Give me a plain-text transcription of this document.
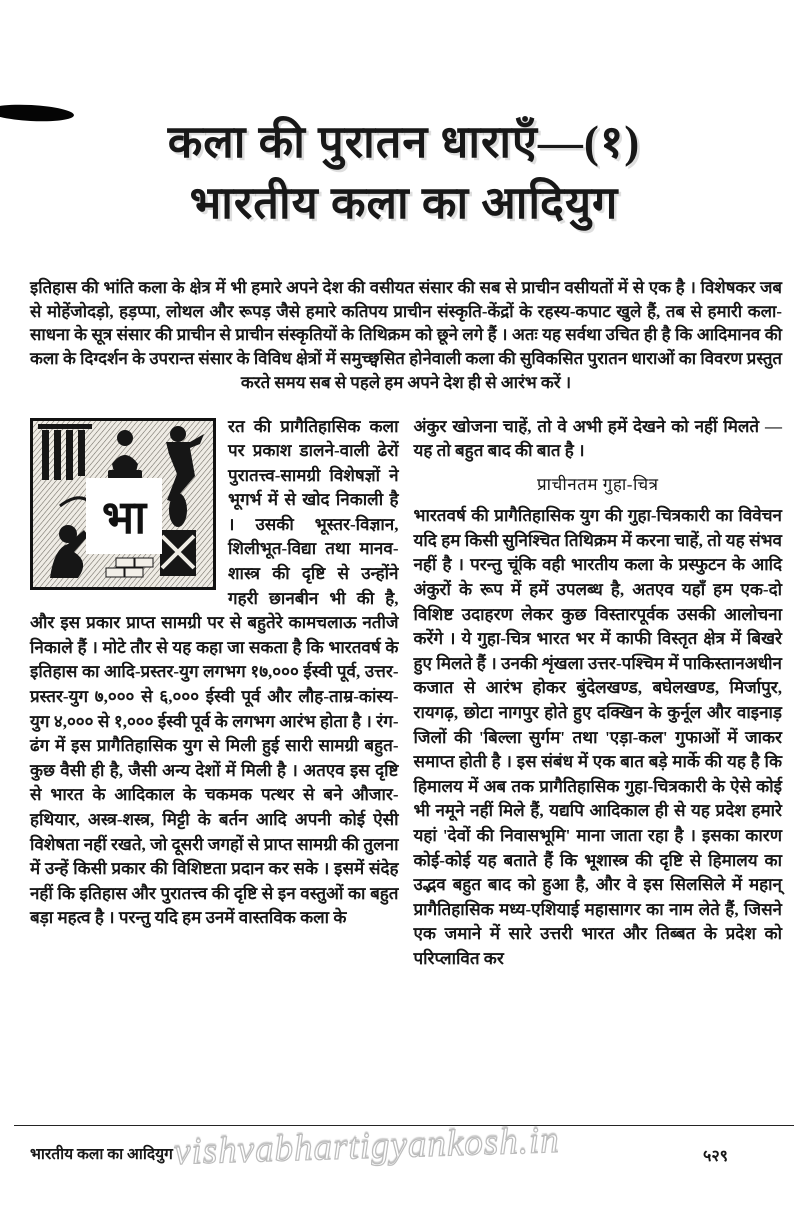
कला की पुरातन धाराएँ—(१)
भारतीय कला का आदियुग

इतिहास की भांति कला के क्षेत्र में भी हमारे अपने देश की वसीयत संसार की सब से प्राचीन वसीयतों में से एक है । विशेषकर जब से मोहेंजोदड़ो, हड़प्पा, लोथल और रूपड़ जैसे हमारे कतिपय प्राचीन संस्कृति-केंद्रों के रहस्य-कपाट खुले हैं, तब से हमारी कला-साधना के सूत्र संसार की प्राचीन से प्राचीन संस्कृतियों के तिथिक्रम को छूने लगे हैं । अतः यह सर्वथा उचित ही है कि आदिमानव की कला के दिग्दर्शन के उपरान्त संसार के विविध क्षेत्रों में समुच्छ्वसित होनेवाली कला की सुविकसित पुरातन धाराओं का विवरण प्रस्तुत करते समय सब से पहले हम अपने देश ही से आरंभ करें ।

भा
रत की प्रागैतिहासिक कला पर प्रकाश डालने-वाली ढेरों पुरातत्त्व-सामग्री विशेषज्ञों ने भूगर्भ में से खोद निकाली है । उसकी भूस्तर-विज्ञान, शिलीभूत-विद्या तथा मानव-शास्त्र की दृष्टि से उन्होंने गहरी छानबीन भी की है, और इस प्रकार प्राप्त सामग्री पर से बहुतेरे कामचलाऊ नतीजे निकाले हैं । मोटे तौर से यह कहा जा सकता है कि भारतवर्ष के इतिहास का आदि-प्रस्तर-युग लगभग १७,००० ईस्वी पूर्व, उत्तर-प्रस्तर-युग ७,००० से ६,००० ईस्वी पूर्व और लौह-ताम्र-कांस्य-युग ४,००० से १,००० ईस्वी पूर्व के लगभग आरंभ होता है । रंग-ढंग में इस प्रागैतिहासिक युग से मिली हुई सारी सामग्री बहुत-कुछ वैसी ही है, जैसी अन्य देशों में मिली है । अतएव इस दृष्टि से भारत के आदिकाल के चकमक पत्थर से बने औजार-हथियार, अस्त्र-शस्त्र, मिट्टी के बर्तन आदि अपनी कोई ऐसी विशेषता नहीं रखते, जो दूसरी जगहों से प्राप्त सामग्री की तुलना में उन्हें किसी प्रकार की विशिष्टता प्रदान कर सके । इसमें संदेह नहीं कि इतिहास और पुरातत्त्व की दृष्टि से इन वस्तुओं का बहुत बड़ा महत्व है । परन्तु यदि हम उनमें वास्तविक कला के
अंकुर खोजना चाहें, तो वे अभी हमें देखने को नहीं मिलते — यह तो बहुत बाद की बात है ।
प्राचीनतम गुहा-चित्र
भारतवर्ष की प्रागैतिहासिक युग की गुहा-चित्रकारी का विवेचन यदि हम किसी सुनिश्चित तिथिक्रम में करना चाहें, तो यह संभव नहीं है । परन्तु चूंकि वही भारतीय कला के प्रस्फुटन के आदि अंकुरों के रूप में हमें उपलब्ध है, अतएव यहाँ हम एक-दो विशिष्ट उदाहरण लेकर कुछ विस्तारपूर्वक उसकी आलोचना करेंगे । ये गुहा-चित्र भारत भर में काफी विस्तृत क्षेत्र में बिखरे हुए मिलते हैं । उनकी शृंखला उत्तर-पश्चिम में पाकिस्तानअधीन कजात से आरंभ होकर बुंदेलखण्ड, बघेलखण्ड, मिर्जापुर, रायगढ़, छोटा नागपुर होते हुए दक्खिन के कुर्नूल और वाइनाड़ जिलों की 'बिल्ला सुर्गम' तथा 'एड़ा-कल' गुफाओं में जाकर समाप्त होती है । इस संबंध में एक बात बड़े मार्के की यह है कि हिमालय में अब तक प्रागैतिहासिक गुहा-चित्रकारी के ऐसे कोई भी नमूने नहीं मिले हैं, यद्यपि आदिकाल ही से यह प्रदेश हमारे यहां 'देवों की निवासभूमि' माना जाता रहा है । इसका कारण कोई-कोई यह बताते हैं कि भूशास्त्र की दृष्टि से हिमालय का उद्भव बहुत बाद को हुआ है, और वे इस सिलसिले में महान् प्रागैतिहासिक मध्य-एशियाई महासागर का नाम लेते हैं, जिसने एक जमाने में सारे उत्तरी भारत और तिब्बत के प्रदेश को परिप्लावित कर
भारतीय कला का आदियुग	५२९
vishvabhartigyankosh.in
